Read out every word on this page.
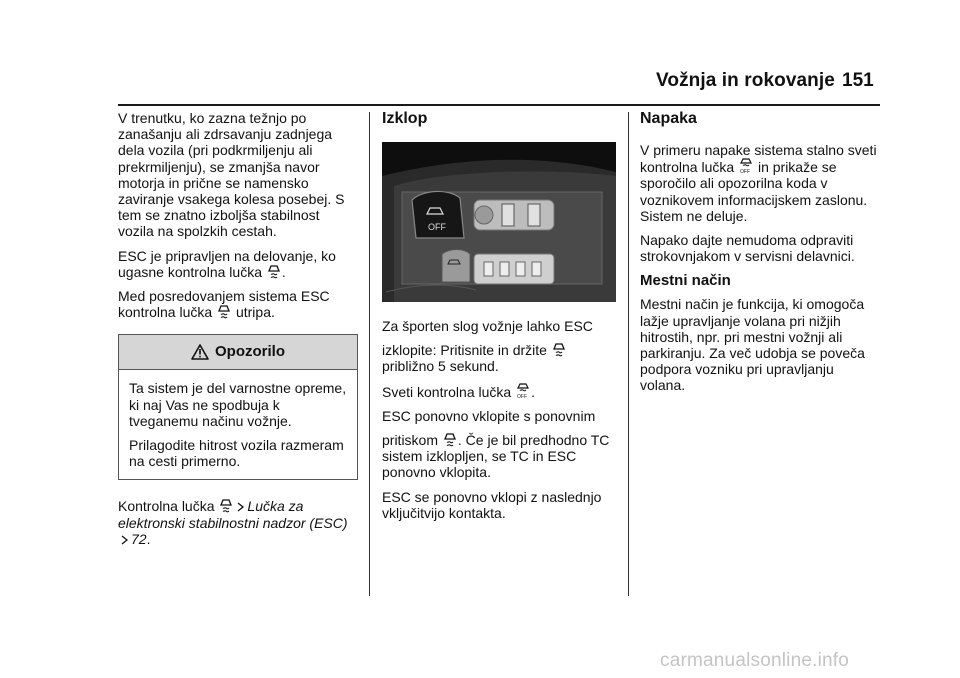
Vožnja in rokovanje 151

V trenutku, ko zazna težnjo po zanašanju ali zdrsavanju zadnjega dela vozila (pri podkrmiljenju ali prekrmiljenju), se zmanjša navor motorja in prične se namensko zaviranje vsakega kolesa posebej. S tem se znatno izboljša stabilnost vozila na spolzkih cestah.

ESC je pripravljen na delovanje, ko ugasne kontrolna lučka .

Med posredovanjem sistema ESC kontrolna lučka utripa.

Opozorilo

Ta sistem je del varnostne opreme, ki naj Vas ne spodbuja k tveganemu načinu vožnje.

Prilagodite hitrost vozila razmeram na cesti primerno.

Kontrolna lučka Lučka za elektronski stabilnostni nadzor (ESC) 72.

Izklop
OFF

Za športen slog vožnje lahko ESC

izklopite: Pritisnite in držite  približno 5 sekund.

Sveti kontrolna lučka OFF .

ESC ponovno vklopite s ponovnim

pritiskom . Če je bil predhodno TC sistem izklopljen, se TC in ESC ponovno vklopita.

ESC se ponovno vklopi z naslednjo vključitvijo kontakta.

Napaka

V primeru napake sistema stalno sveti kontrolna lučka OFF in prikaže se sporočilo ali opozorilna koda v voznikovem informacijskem zaslonu. Sistem ne deluje.

Napako dajte nemudoma odpraviti strokovnjakom v servisni delavnici.

Mestni način

Mestni način je funkcija, ki omogoča lažje upravljanje volana pri nižjih hitrostih, npr. pri mestni vožnji ali parkiranju. Za več udobja se poveča podpora vozniku pri upravljanju volana.

carmanualsonline.info
